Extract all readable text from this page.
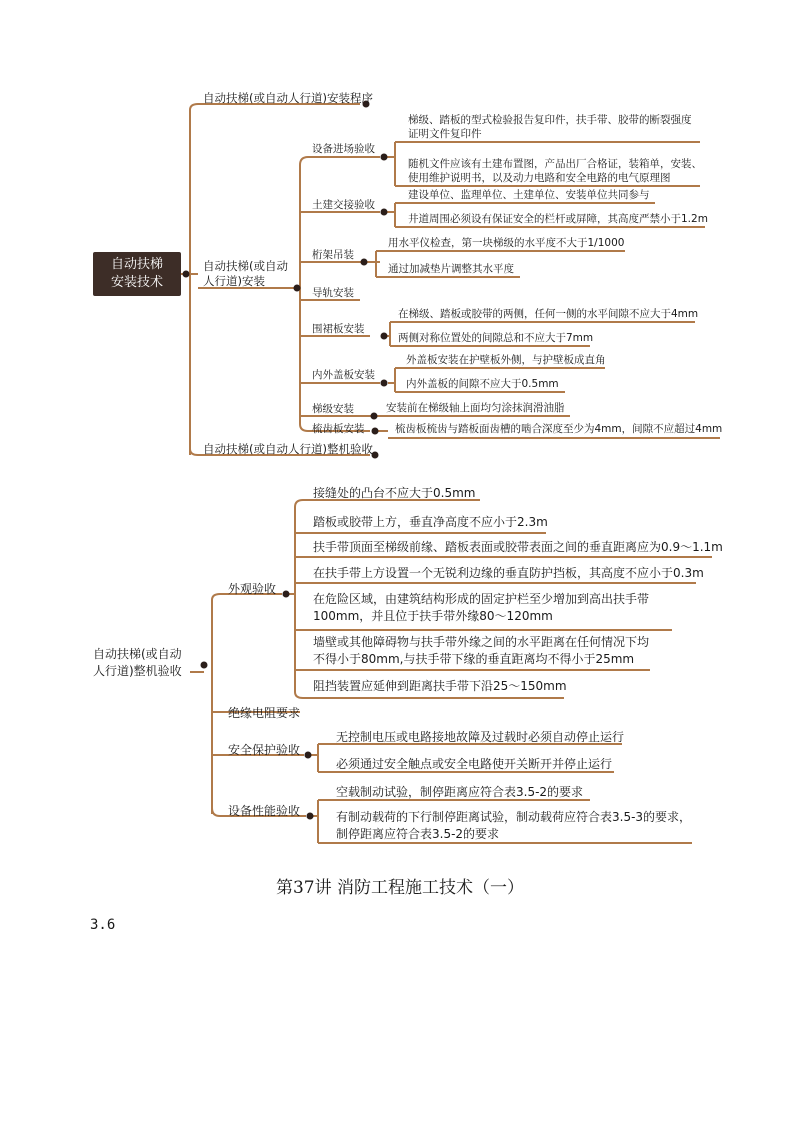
自动扶梯
安装技术
自动扶梯(或自动人行道)安装程序
自动扶梯(或自动
人行道)安装
自动扶梯(或自动人行道)整机验收
设备进场验收
梯级、踏板的型式检验报告复印件，扶手带、胶带的断裂强度
证明文件复印件
随机文件应该有土建布置图，产品出厂合格证，装箱单，安装、
使用维护说明书，以及动力电路和安全电路的电气原理图
土建交接验收
建设单位、监理单位、土建单位、安装单位共同参与
井道周围必须设有保证安全的栏杆或屏障，其高度严禁小于1.2m
桁架吊装
用水平仪检查，第一块梯级的水平度不大于1/1000
通过加减垫片调整其水平度
导轨安装
围裙板安装
在梯级、踏板或胶带的两侧，任何一侧的水平间隙不应大于4mm
两侧对称位置处的间隙总和不应大于7mm
内外盖板安装
外盖板安装在护壁板外侧，与护壁板成直角
内外盖板的间隙不应大于0.5mm
梯级安装	安装前在梯级轴上面均匀涂抹润滑油脂
梳齿板安装	梳齿板梳齿与踏板面齿槽的啮合深度至少为4mm，间隙不应超过4mm
自动扶梯(或自动
人行道)整机验收
外观验收
接缝处的凸台不应大于0.5mm
踏板或胶带上方，垂直净高度不应小于2.3m
扶手带顶面至梯级前缘、踏板表面或胶带表面之间的垂直距离应为0.9～1.1m
在扶手带上方设置一个无锐利边缘的垂直防护挡板，其高度不应小于0.3m
在危险区域，由建筑结构形成的固定护栏至少增加到高出扶手带
100mm，并且位于扶手带外缘80～120mm
墙壁或其他障碍物与扶手带外缘之间的水平距离在任何情况下均
不得小于80mm,与扶手带下缘的垂直距离均不得小于25mm
阻挡装置应延伸到距离扶手带下沿25～150mm
绝缘电阻要求
安全保护验收
无控制电压或电路接地故障及过载时必须自动停止运行
必须通过安全触点或安全电路使开关断开并停止运行
设备性能验收
空载制动试验，制停距离应符合表3.5-2的要求
有制动载荷的下行制停距离试验，制动载荷应符合表3.5-3的要求，
制停距离应符合表3.5-2的要求
第37讲 消防工程施工技术（一）
3.6
